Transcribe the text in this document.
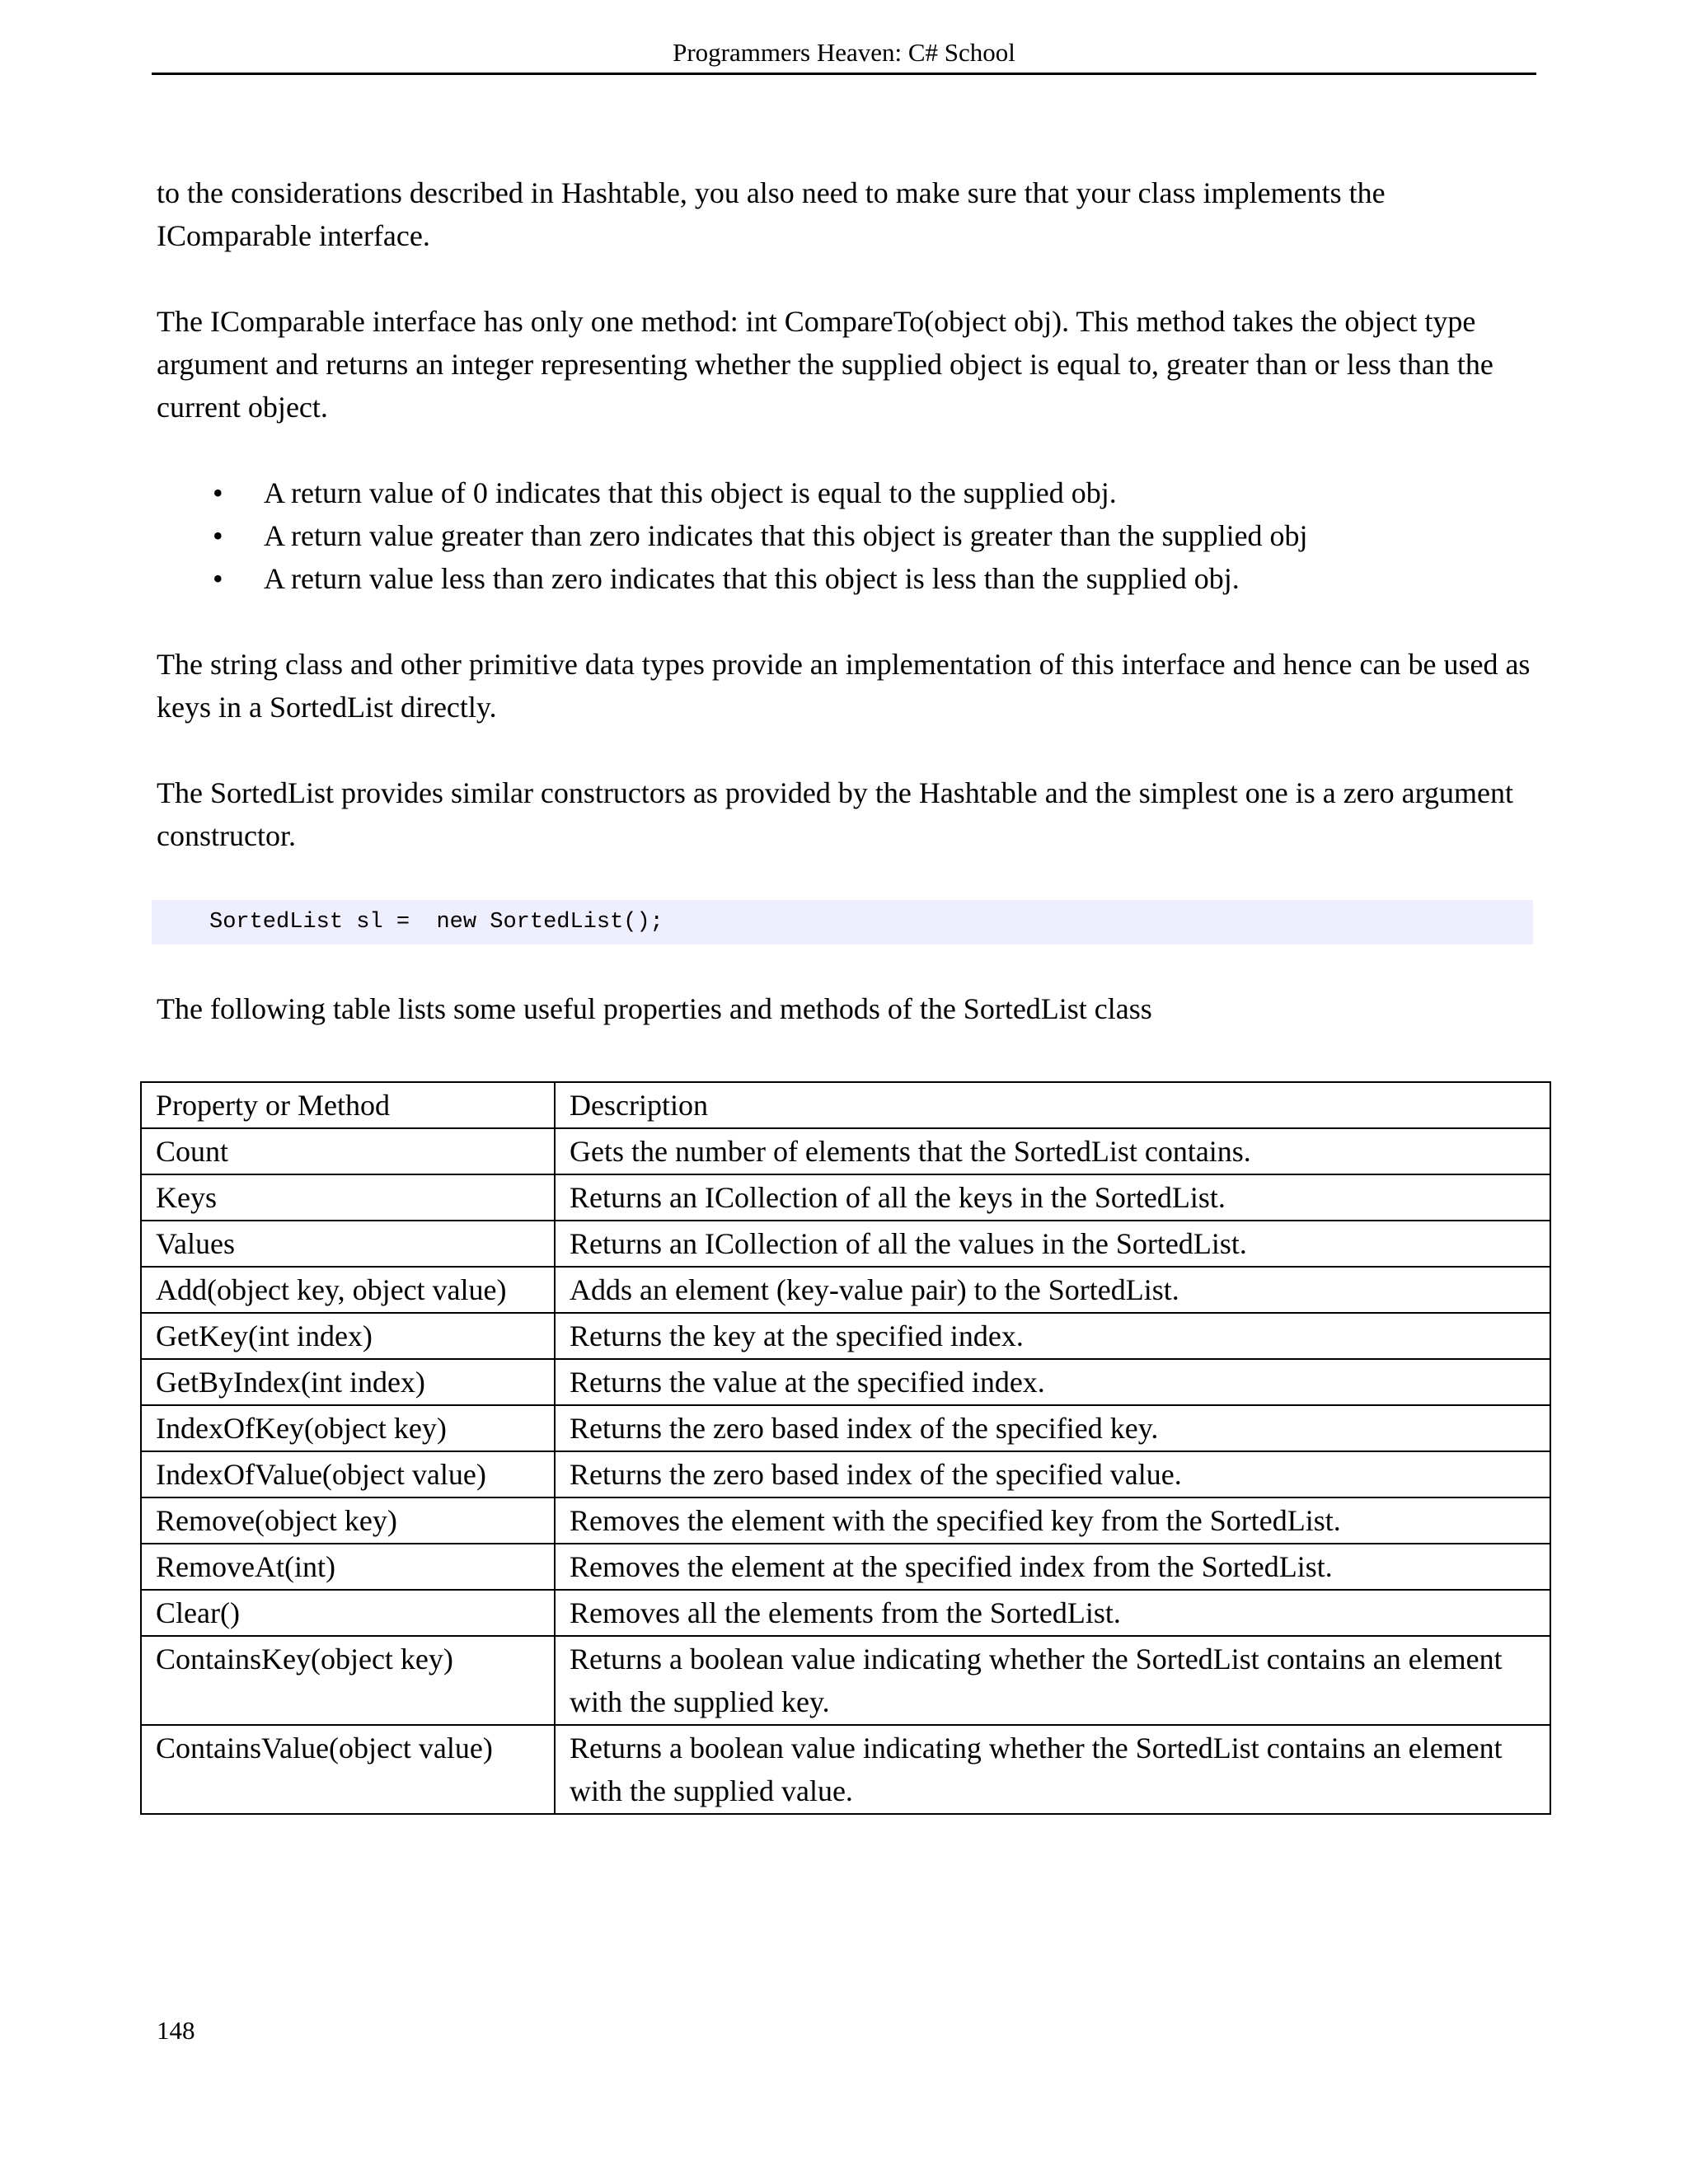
Programmers Heaven: C# School

to the considerations described in Hashtable, you also need to make sure that your class implements the IComparable interface.

The IComparable interface has only one method: int CompareTo(object obj). This method takes the object type argument and returns an integer representing whether the supplied object is equal to, greater than or less than the current object.

• A return value of 0 indicates that this object is equal to the supplied obj.
• A return value greater than zero indicates that this object is greater than the supplied obj
• A return value less than zero indicates that this object is less than the supplied obj.

The string class and other primitive data types provide an implementation of this interface and hence can be used as keys in a SortedList directly.

The SortedList provides similar constructors as provided by the Hashtable and the simplest one is a zero argument constructor.

SortedList sl =  new SortedList();

The following table lists some useful properties and methods of the SortedList class

Property or Method	Description
Count	Gets the number of elements that the SortedList contains.
Keys	Returns an ICollection of all the keys in the SortedList.
Values	Returns an ICollection of all the values in the SortedList.
Add(object key, object value)	Adds an element (key-value pair) to the SortedList.
GetKey(int index)	Returns the key at the specified index.
GetByIndex(int index)	Returns the value at the specified index.
IndexOfKey(object key)	Returns the zero based index of the specified key.
IndexOfValue(object value)	Returns the zero based index of the specified value.
Remove(object key)	Removes the element with the specified key from the SortedList.
RemoveAt(int)	Removes the element at the specified index from the SortedList.
Clear()	Removes all the elements from the SortedList.
ContainsKey(object key)	Returns a boolean value indicating whether the SortedList contains an element with the supplied key.
ContainsValue(object value)	Returns a boolean value indicating whether the SortedList contains an element with the supplied value.
148
